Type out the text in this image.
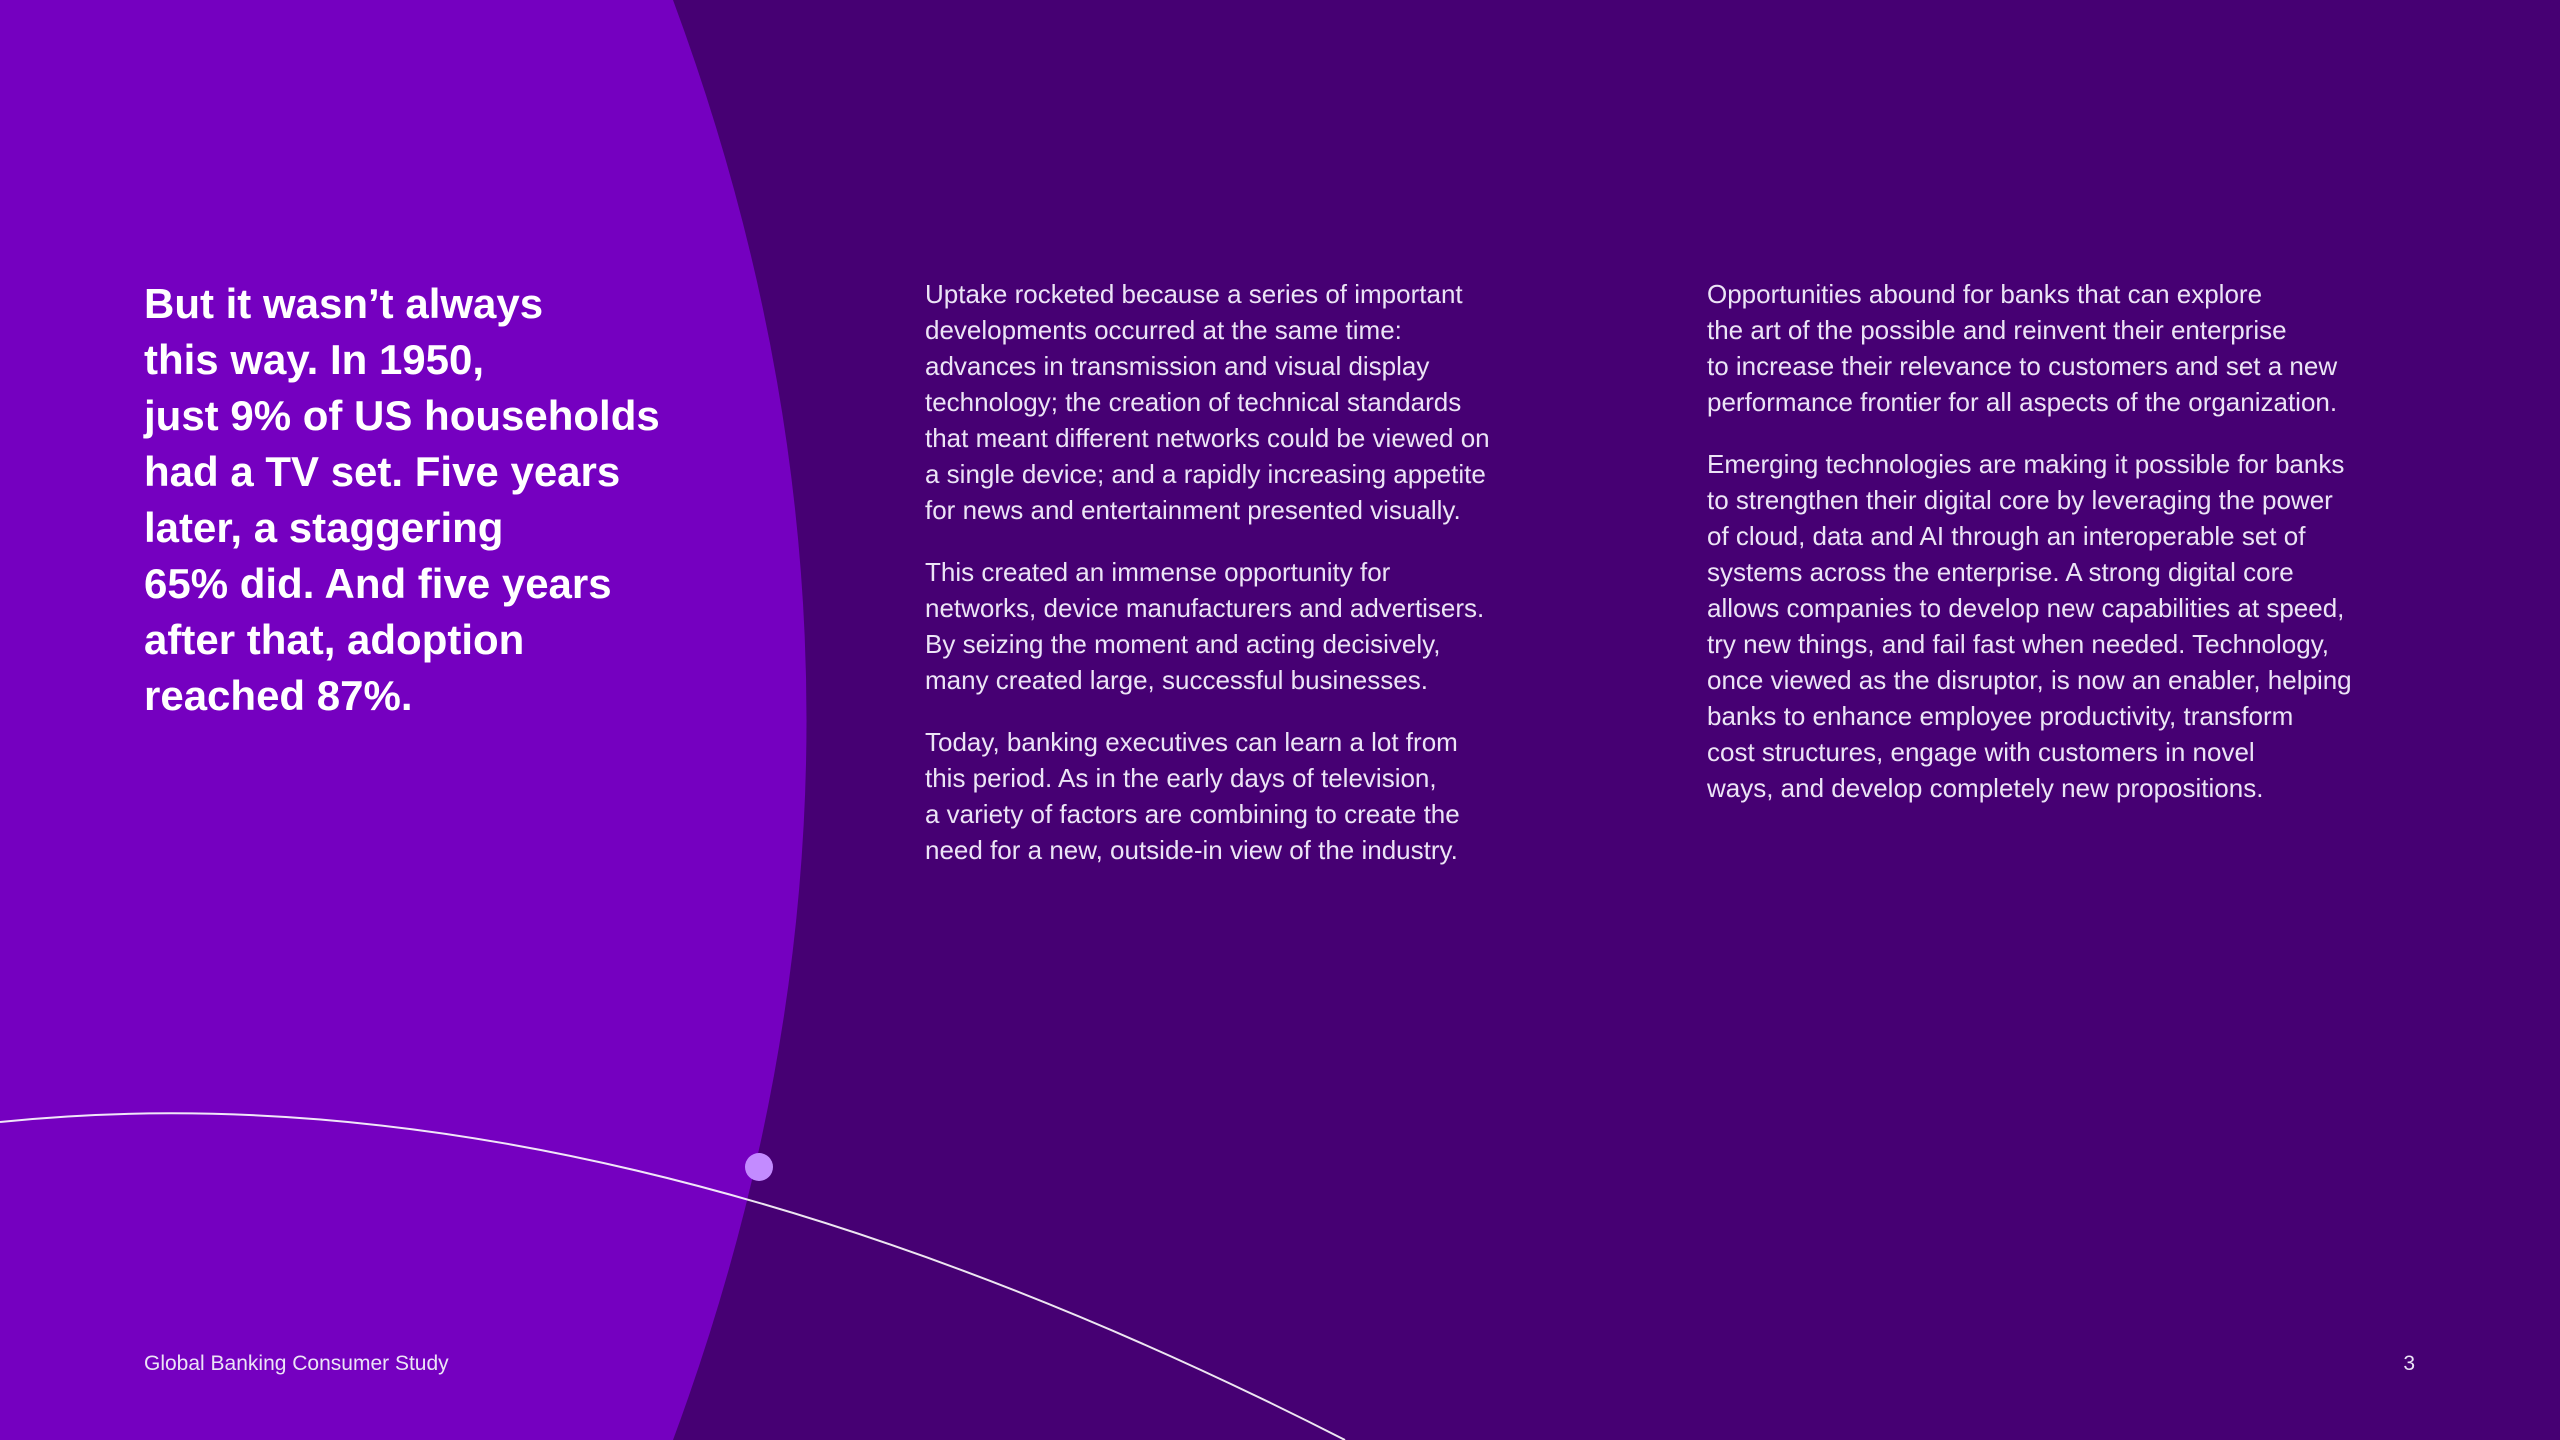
But it wasn’t always
this way. In 1950,
just 9% of US households
had a TV set. Five years
later, a staggering
65% did. And five years
after that, adoption
reached 87%.

Uptake rocketed because a series of important
developments occurred at the same time:
advances in transmission and visual display
technology; the creation of technical standards
that meant different networks could be viewed on
a single device; and a rapidly increasing appetite
for news and entertainment presented visually.

This created an immense opportunity for
networks, device manufacturers and advertisers.
By seizing the moment and acting decisively,
many created large, successful businesses.

Today, banking executives can learn a lot from
this period. As in the early days of television,
a variety of factors are combining to create the
need for a new, outside-in view of the industry.

Opportunities abound for banks that can explore
the art of the possible and reinvent their enterprise
to increase their relevance to customers and set a new
performance frontier for all aspects of the organization.

Emerging technologies are making it possible for banks
to strengthen their digital core by leveraging the power
of cloud, data and AI through an interoperable set of
systems across the enterprise. A strong digital core
allows companies to develop new capabilities at speed,
try new things, and fail fast when needed. Technology,
once viewed as the disruptor, is now an enabler, helping
banks to enhance employee productivity, transform
cost structures, engage with customers in novel
ways, and develop completely new propositions.

Global Banking Consumer Study	3
